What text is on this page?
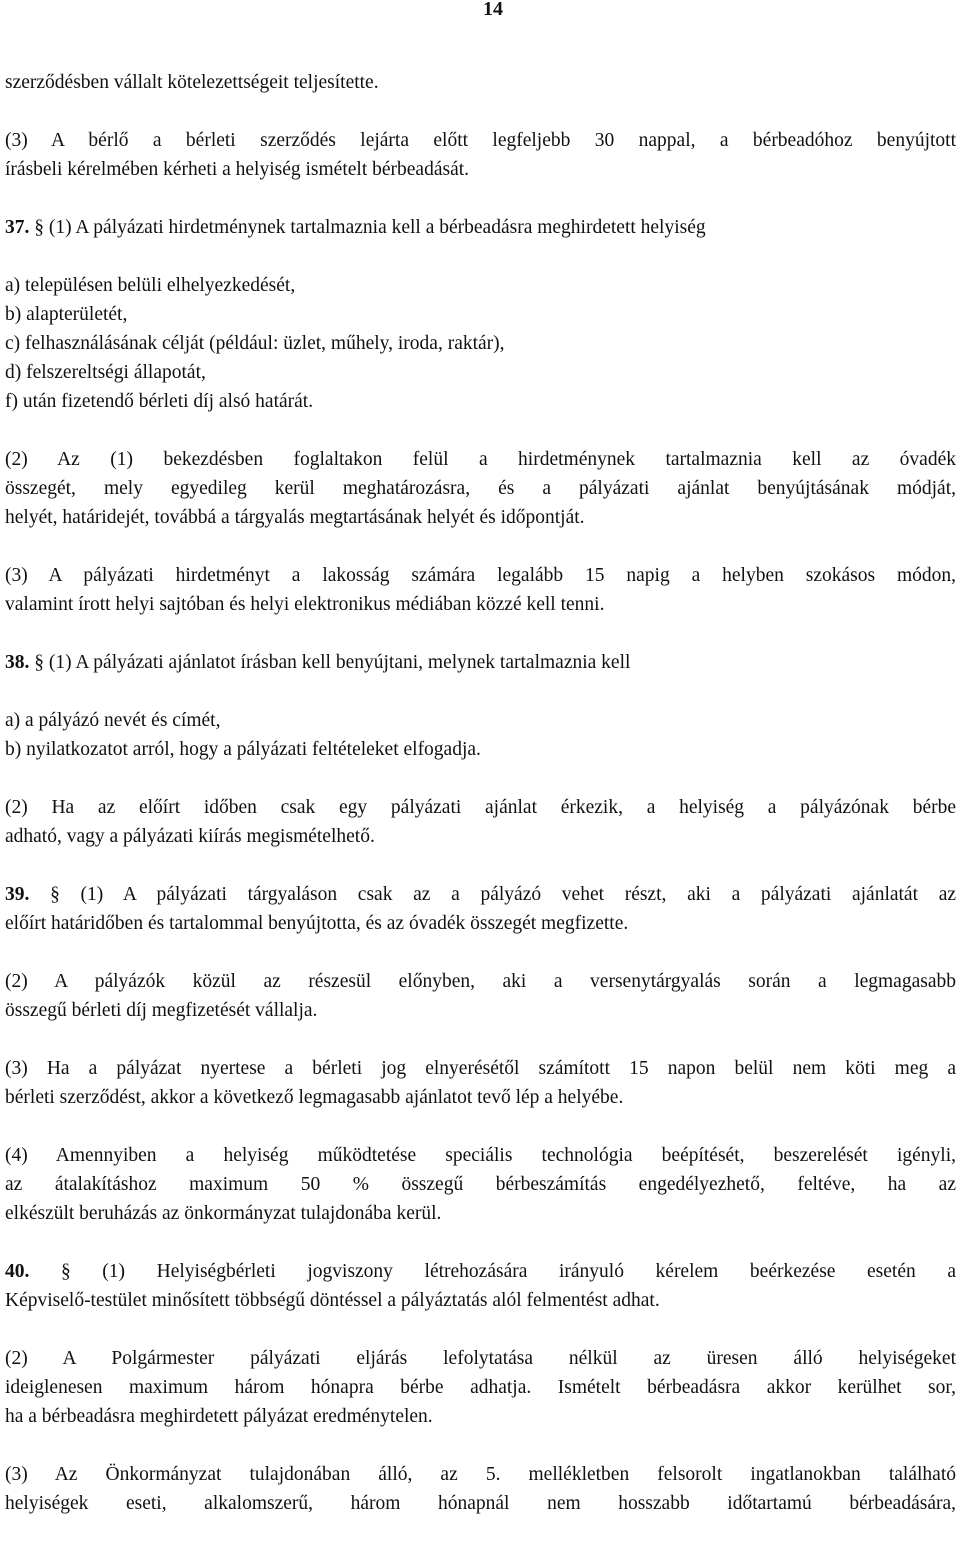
14
szerződésben vállalt kötelezettségeit teljesítette.
(3) A bérlő a bérleti szerződés lejárta előtt legfeljebb 30 nappal, a bérbeadóhoz benyújtott
írásbeli kérelmében kérheti a helyiség ismételt bérbeadását.
37. § (1) A pályázati hirdetménynek tartalmaznia kell a bérbeadásra meghirdetett helyiség
a) településen belüli elhelyezkedését,
b) alapterületét,
c) felhasználásának célját (például: üzlet, műhely, iroda, raktár),
d) felszereltségi állapotát,
f) után fizetendő bérleti díj alsó határát.
(2) Az (1) bekezdésben foglaltakon felül a hirdetménynek tartalmaznia kell az óvadék
összegét, mely egyedileg kerül meghatározásra, és a pályázati ajánlat benyújtásának módját,
helyét, határidejét, továbbá a tárgyalás megtartásának helyét és időpontját.
(3) A pályázati hirdetményt a lakosság számára legalább 15 napig a helyben szokásos módon,
valamint írott helyi sajtóban és helyi elektronikus médiában közzé kell tenni.
38. § (1) A pályázati ajánlatot írásban kell benyújtani, melynek tartalmaznia kell
a) a pályázó nevét és címét,
b) nyilatkozatot arról, hogy a pályázati feltételeket elfogadja.
(2) Ha az előírt időben csak egy pályázati ajánlat érkezik, a helyiség a pályázónak bérbe
adható, vagy a pályázati kiírás megismételhető.
39. § (1) A pályázati tárgyaláson csak az a pályázó vehet részt, aki a pályázati ajánlatát az
előírt határidőben és tartalommal benyújtotta, és az óvadék összegét megfizette.
(2) A pályázók közül az részesül előnyben, aki a versenytárgyalás során a legmagasabb
összegű bérleti díj megfizetését vállalja.
(3) Ha a pályázat nyertese a bérleti jog elnyerésétől számított 15 napon belül nem köti meg a
bérleti szerződést, akkor a következő legmagasabb ajánlatot tevő lép a helyébe.
(4) Amennyiben a helyiség működtetése speciális technológia beépítését, beszerelését igényli,
az átalakításhoz maximum 50 % összegű bérbeszámítás engedélyezhető, feltéve, ha az
elkészült beruházás az önkormányzat tulajdonába kerül.
40. § (1) Helyiségbérleti jogviszony létrehozására irányuló kérelem beérkezése esetén a
Képviselő-testület minősített többségű döntéssel a pályáztatás alól felmentést adhat.
(2) A Polgármester pályázati eljárás lefolytatása nélkül az üresen álló helyiségeket
ideiglenesen maximum három hónapra bérbe adhatja. Ismételt bérbeadásra akkor kerülhet sor,
ha a bérbeadásra meghirdetett pályázat eredménytelen.
(3) Az Önkormányzat tulajdonában álló, az 5. mellékletben felsorolt ingatlanokban található
helyiségek eseti, alkalomszerű, három hónapnál nem hosszabb időtartamú bérbeadására,
